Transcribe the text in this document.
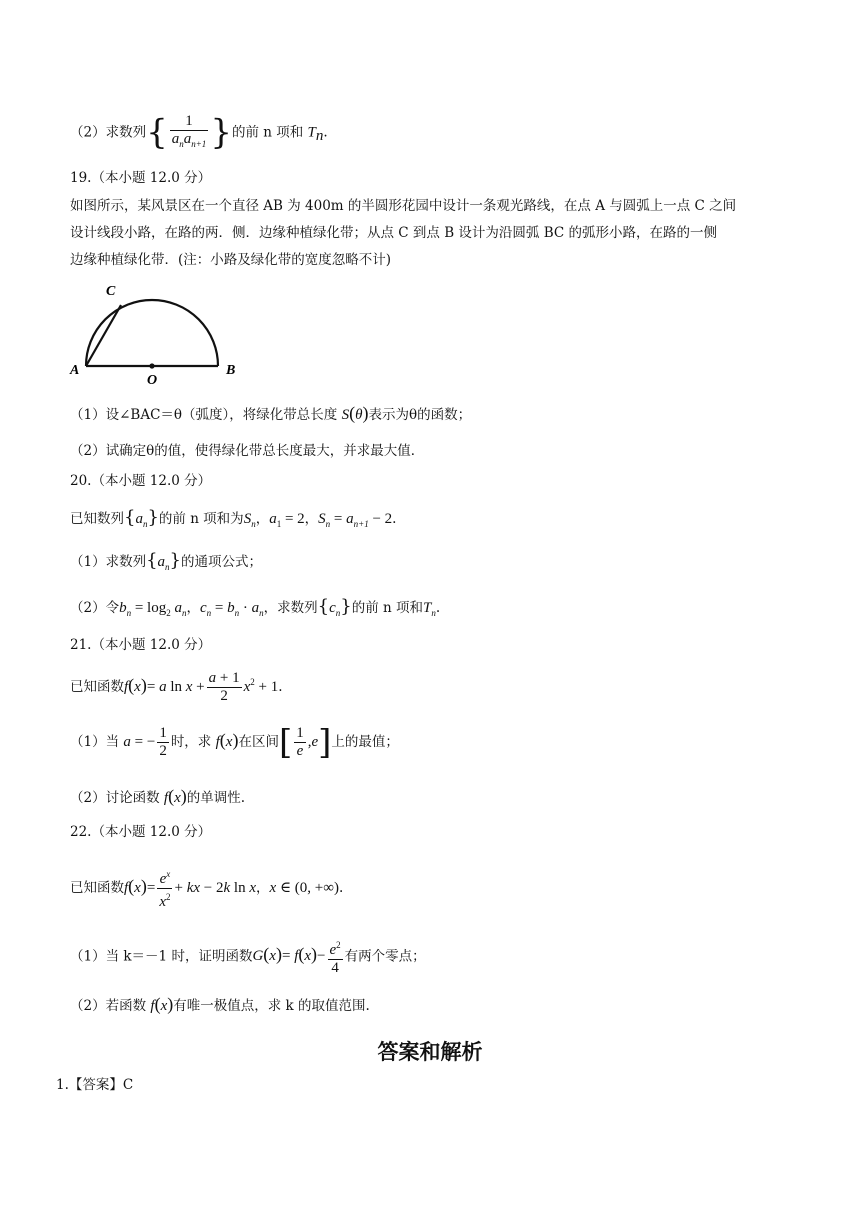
（2）求数列{ $\frac{1}{a_na_{n+1}}$ }的前 n 项和 $T_n$.
19.（本小题 12.0 分）
如图所示，某风景区在一个直径 AB 为 400m 的半圆形花园中设计一条观光路线，在点 A 与圆弧上一点 C 之间
设计线段小路，在路的两．侧．边缘种植绿化带；从点 C 到点 B 设计为沿圆弧 BC 的弧形小路，在路的一侧
边缘种植绿化带．(注：小路及绿化带的宽度忽略不计)
C
A	B
O
（1）设∠BAC＝θ（弧度），将绿化带总长度 S(θ)表示为θ的函数；
（2）试确定θ的值，使得绿化带总长度最大，并求最大值．
20.（本小题 12.0 分）
已知数列$\{a_n\}$的前 n 项和为$S_n$，$a_1 = 2$，$S_n = a_{n+1} - 2$.
（1）求数列$\{a_n\}$的通项公式；
（2）令$b_n = \log_2 a_n$，$c_n = b_n \cdot a_n$，求数列$\{c_n\}$的前 n 项和$T_n$.
21.（本小题 12.0 分）
已知函数f(x)= a $\ln x + \frac{a + 1}{2} x^2 + 1$.
（1）当 a = − $\frac{1}{2}$ 时，求 f(x)在区间[ $\frac{1}{e} ,e$]上的最值；
（2）讨论函数 f(x)的单调性.
22.（本小题 12.0 分）
已知函数$f(x)= \frac{e^x}{x^2}$ + kx − 2k ln x，x ∈ (0, +∞).
（1）当 k＝－1 时，证明函数$G(x)= f(x)- \frac{e^2}{4}$ 有两个零点；
（2）若函数 f(x)有唯一极值点，求 k 的取值范围.
答案和解析
1.【答案】C
